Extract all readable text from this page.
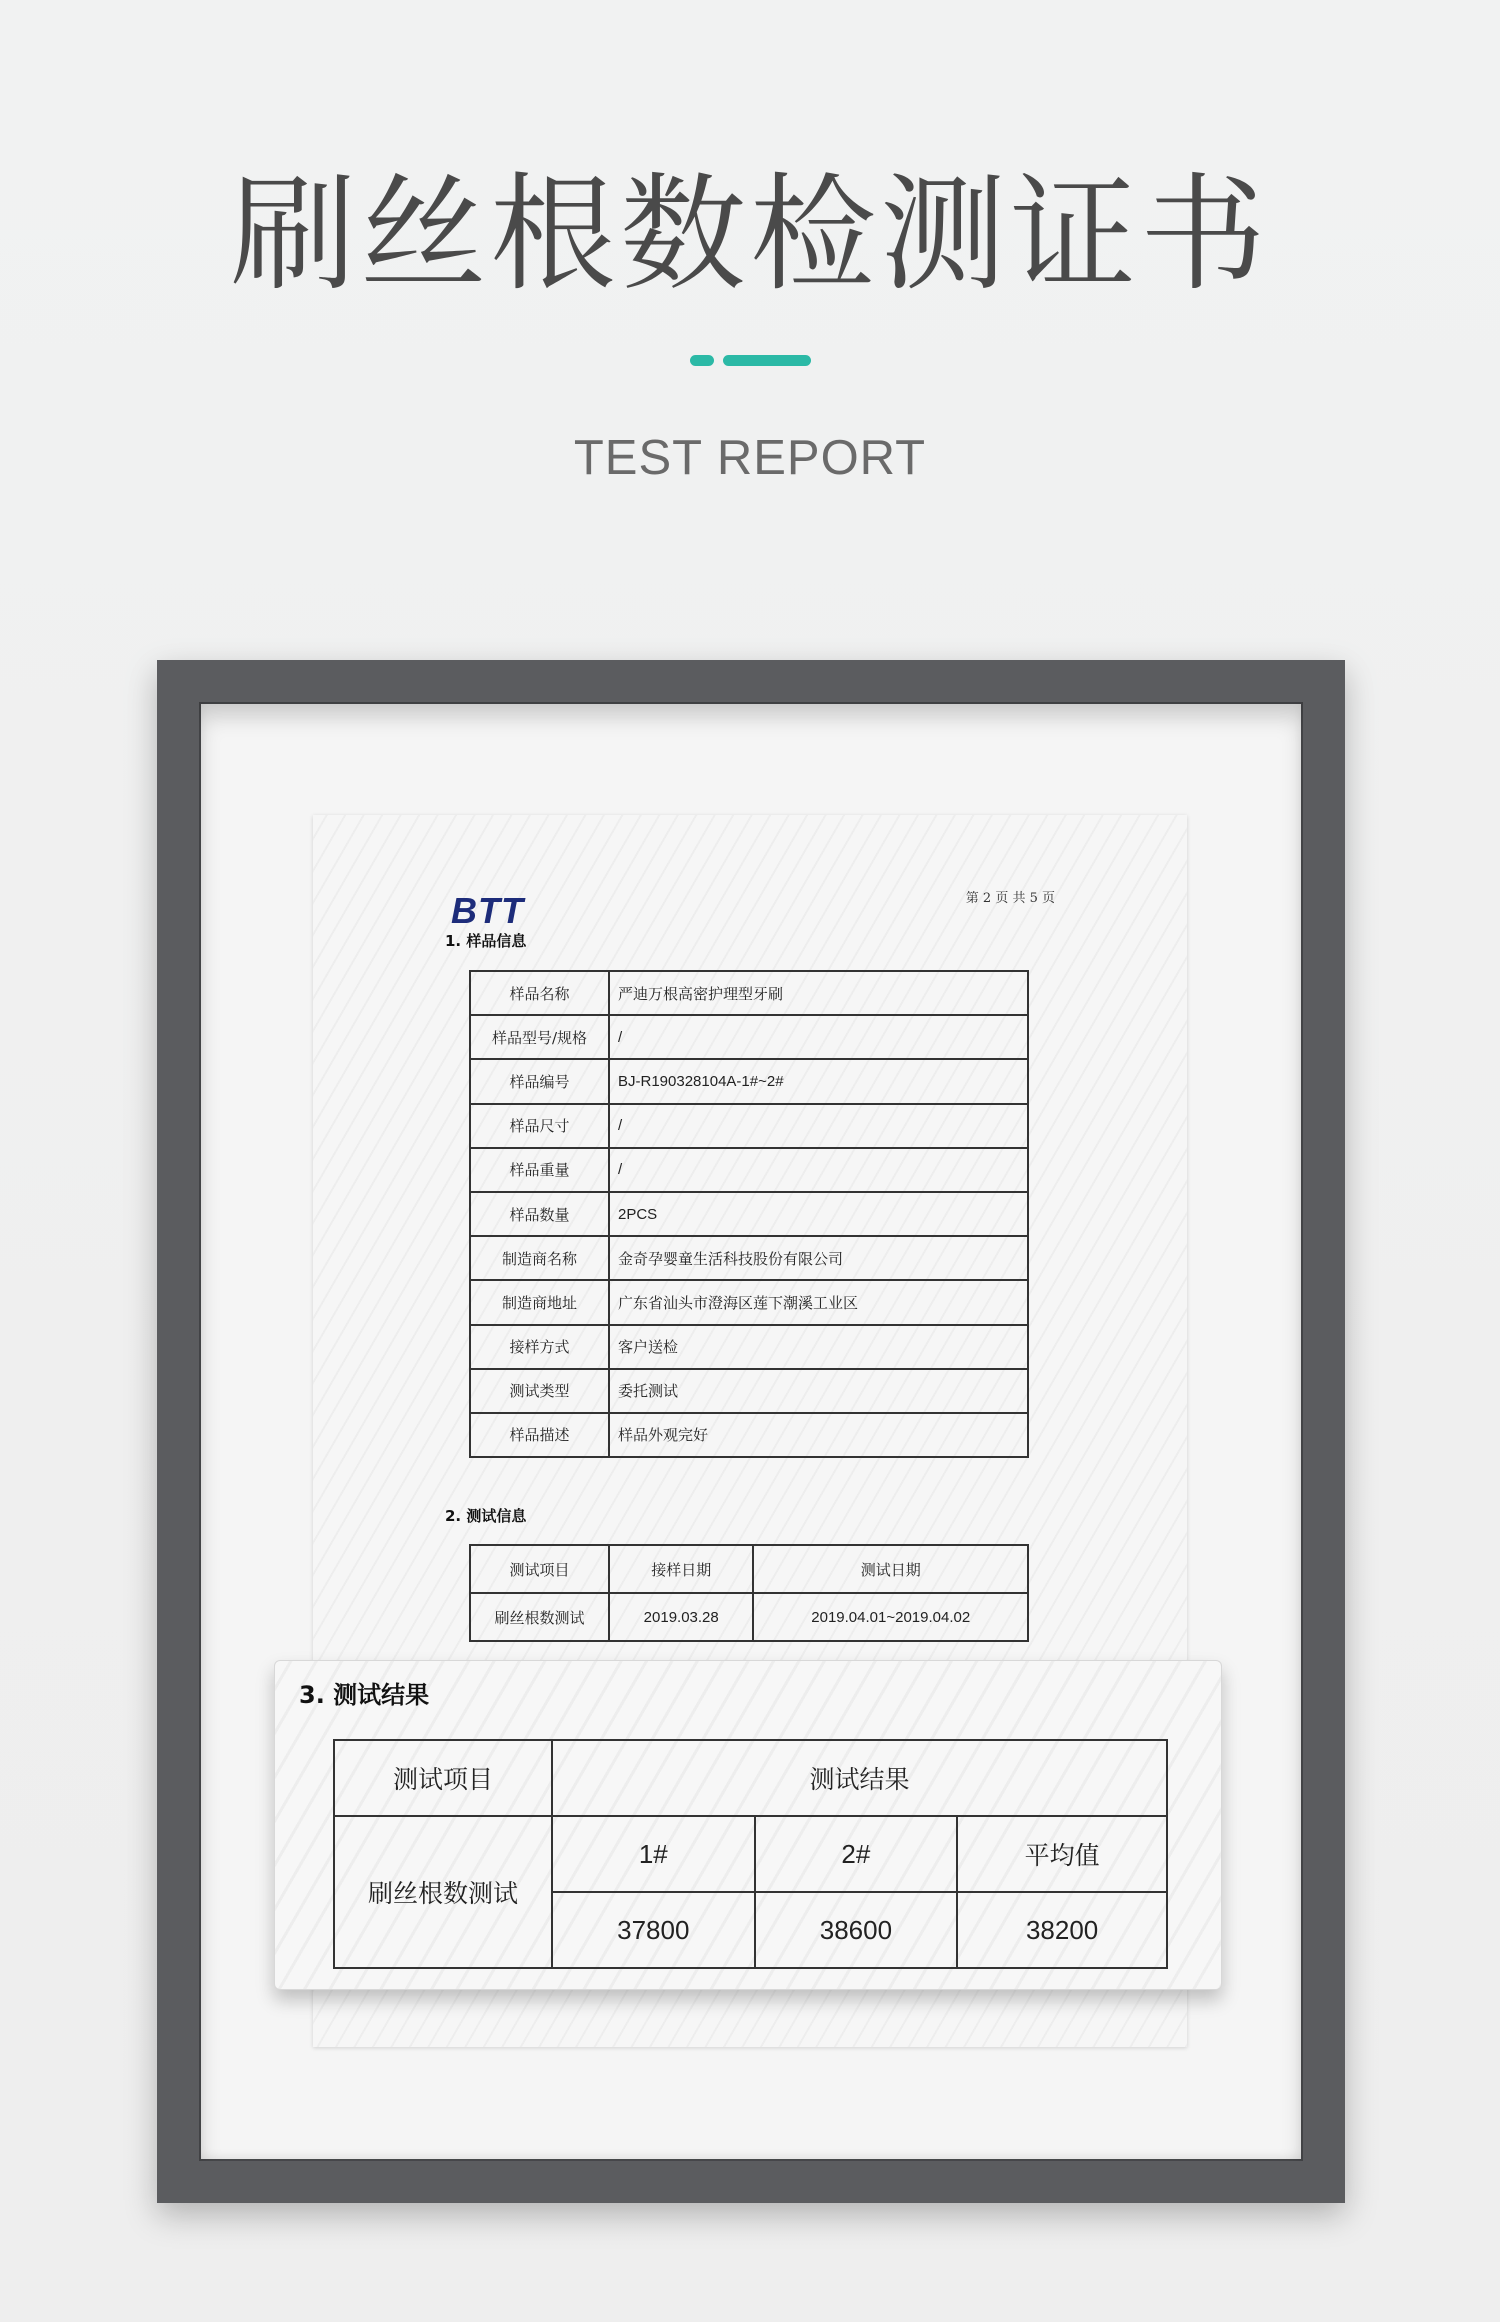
刷丝根数检测证书
TEST REPORT
BTT	第 2 页 共 5 页
1. 样品信息
样品名称	严迪万根高密护理型牙刷
样品型号/规格	/
样品编号	BJ-R190328104A-1#~2#
样品尺寸	/
样品重量	/
样品数量	2PCS
制造商名称	金奇孕婴童生活科技股份有限公司
制造商地址	广东省汕头市澄海区莲下潮溪工业区
接样方式	客户送检
测试类型	委托测试
样品描述	样品外观完好
2. 测试信息
测试项目	接样日期	测试日期
刷丝根数测试	2019.03.28	2019.04.01~2019.04.02
3. 测试结果
测试项目	测试结果		
刷丝根数测试	1#	2#	平均值
	37800	38600	38200
